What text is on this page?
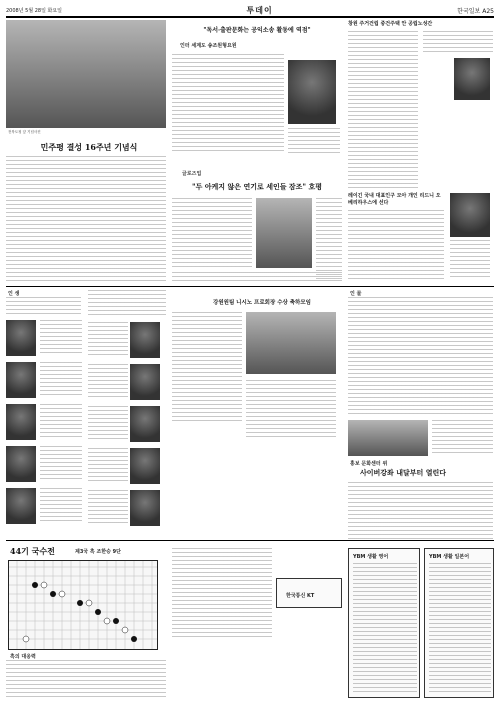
2008년 5월 28일 화요일	투데이	한국일보 A25
전북도청 앞 기념사진
민주평 결성 16주년 기념식
"독서·출판문화는 공익소송 활동에 역점"
인터 세계도 송조원형요원
창원 주거건립 중건주택 안 공립노성간
글로즈업
"두 아케지 않은 연기로 세인들 잠조" 호평
레이긴 국내 대표인구 모아 개인 리드니 오베리하우스에 선다
인 생
강원원팀 니시노 프로회장 수상 축하모임
인 물
홍보 문화센터 위
사이버강좌 내달부터 열린다
44기 국수전	제3국 흑 조한승 9단
흑의 대응력
한국통신 KT
YBM 생활 영어	YBM 생활 일본어
